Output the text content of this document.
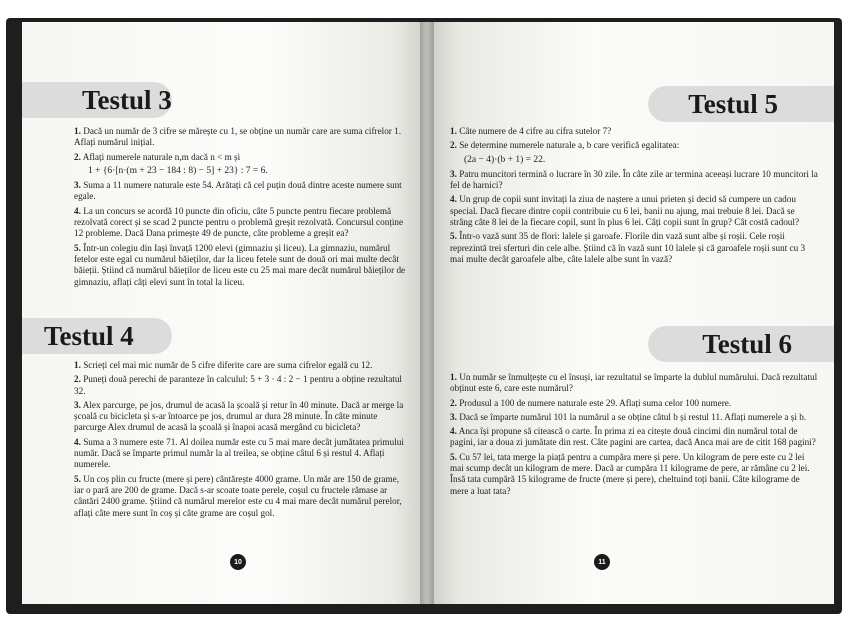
Testul 3
1. Dacă un număr de 3 cifre se mărește cu 1, se obține un număr care are suma cifrelor 1. Aflați numărul inițial.
2. Aflați numerele naturale n,m dacă n < m și
1 + {6·[n·(m + 23 − 184 : 8) − 5] + 23} : 7 = 6.
3. Suma a 11 numere naturale este 54. Arătați că cel puțin două dintre aceste numere sunt egale.
4. La un concurs se acordă 10 puncte din oficiu, câte 5 puncte pentru fiecare problemă rezolvată corect și se scad 2 puncte pentru o problemă greșit rezolvată. Concursul conține 12 probleme. Dacă Dana primește 49 de puncte, câte probleme a greșit ea?
5. Într-un colegiu din Iași învață 1200 elevi (gimnaziu și liceu). La gimnaziu, numărul fetelor este egal cu numărul băieților, dar la liceu fetele sunt de două ori mai multe decât băieții. Știind că numărul băieților de liceu este cu 25 mai mare decât numărul băieților de gimnaziu, aflați câți elevi sunt în total la liceu.
Testul 4
1. Scrieți cel mai mic număr de 5 cifre diferite care are suma cifrelor egală cu 12.
2. Puneți două perechi de paranteze în calculul: 5 + 3 · 4 : 2 − 1 pentru a obține rezultatul 32.
3. Alex parcurge, pe jos, drumul de acasă la școală și retur în 40 minute. Dacă ar merge la școală cu bicicleta și s-ar întoarce pe jos, drumul ar dura 28 minute. În câte minute parcurge Alex drumul de acasă la școală și înapoi acasă mergând cu bicicleta?
4. Suma a 3 numere este 71. Al doilea număr este cu 5 mai mare decât jumătatea primului număr. Dacă se împarte primul număr la al treilea, se obține câtul 6 și restul 4. Aflați numerele.
5. Un coș plin cu fructe (mere și pere) cântărește 4000 grame. Un măr are 150 de grame, iar o pară are 200 de grame. Dacă s-ar scoate toate perele, coșul cu fructele rămase ar cântări 2400 grame. Știind că numărul merelor este cu 4 mai mare decât numărul perelor, aflați câte mere sunt în coș și câte grame are coșul gol.
10
Testul 5
1. Câte numere de 4 cifre au cifra sutelor 7?
2. Se determine numerele naturale a, b care verifică egalitatea:
(2a − 4)·(b + 1) = 22.
3. Patru muncitori termină o lucrare în 30 zile. În câte zile ar termina aceeași lucrare 10 muncitori la fel de harnici?
4. Un grup de copii sunt invitați la ziua de naștere a unui prieten și decid să cumpere un cadou special. Dacă fiecare dintre copii contribuie cu 6 lei, banii nu ajung, mai trebuie 8 lei. Dacă se strâng câte 8 lei de la fiecare copil, sunt în plus 6 lei. Câți copii sunt în grup? Cât costă cadoul?
5. Într-o vază sunt 35 de flori: lalele și garoafe. Florile din vază sunt albe și roșii. Cele roșii reprezintă trei sferturi din cele albe. Știind că în vază sunt 10 lalele și că garoafele roșii sunt cu 3 mai multe decât garoafele albe, câte lalele albe sunt în vază?
Testul 6
1. Un număr se înmulțește cu el însuși, iar rezultatul se împarte la dublul numărului. Dacă rezultatul obținut este 6, care este numărul?
2. Produsul a 100 de numere naturale este 29. Aflați suma celor 100 numere.
3. Dacă se împarte numărul 101 la numărul a se obține câtul b și restul 11. Aflați numerele a și b.
4. Anca își propune să citească o carte. În prima zi ea citește două cincimi din numărul total de pagini, iar a doua zi jumătate din rest. Câte pagini are cartea, dacă Anca mai are de citit 168 pagini?
5. Cu 57 lei, tata merge la piață pentru a cumpăra mere și pere. Un kilogram de pere este cu 2 lei mai scump decât un kilogram de mere. Dacă ar cumpăra 11 kilograme de pere, ar rămâne cu 2 lei. Însă tata cumpără 15 kilograme de fructe (mere și pere), cheltuind toți banii. Câte kilograme de mere a luat tata?
11
